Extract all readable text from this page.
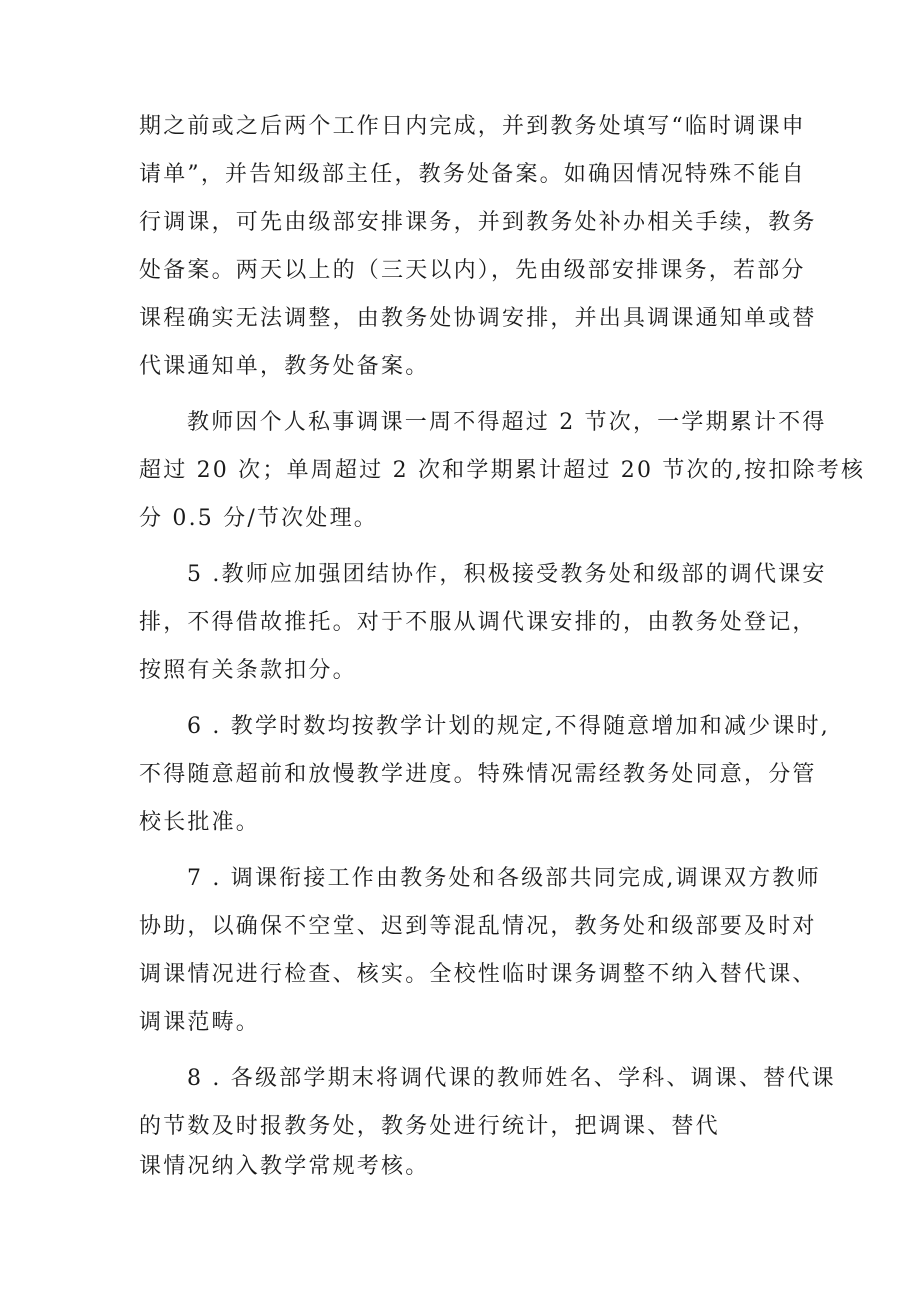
期之前或之后两个工作日内完成，并到教务处填写“临时调课申
请单”，并告知级部主任，教务处备案。如确因情况特殊不能自
行调课，可先由级部安排课务，并到教务处补办相关手续，教务
处备案。两天以上的（三天以内），先由级部安排课务，若部分
课程确实无法调整，由教务处协调安排，并出具调课通知单或替
代课通知单，教务处备案。
教师因个人私事调课一周不得超过 2 节次，一学期累计不得
超过 20 次；单周超过 2 次和学期累计超过 20 节次的,按扣除考核
分 0.5 分/节次处理。
5 .教师应加强团结协作，积极接受教务处和级部的调代课安
排，不得借故推托。对于不服从调代课安排的，由教务处登记，
按照有关条款扣分。
6 . 教学时数均按教学计划的规定,不得随意增加和减少课时,
不得随意超前和放慢教学进度。特殊情况需经教务处同意，分管
校长批准。
7 . 调课衔接工作由教务处和各级部共同完成,调课双方教师
协助，以确保不空堂、迟到等混乱情况，教务处和级部要及时对
调课情况进行检查、核实。全校性临时课务调整不纳入替代课、
调课范畴。
8 . 各级部学期末将调代课的教师姓名、学科、调课、替代课
的节数及时报教务处，教务处进行统计，把调课、替代
课情况纳入教学常规考核。
